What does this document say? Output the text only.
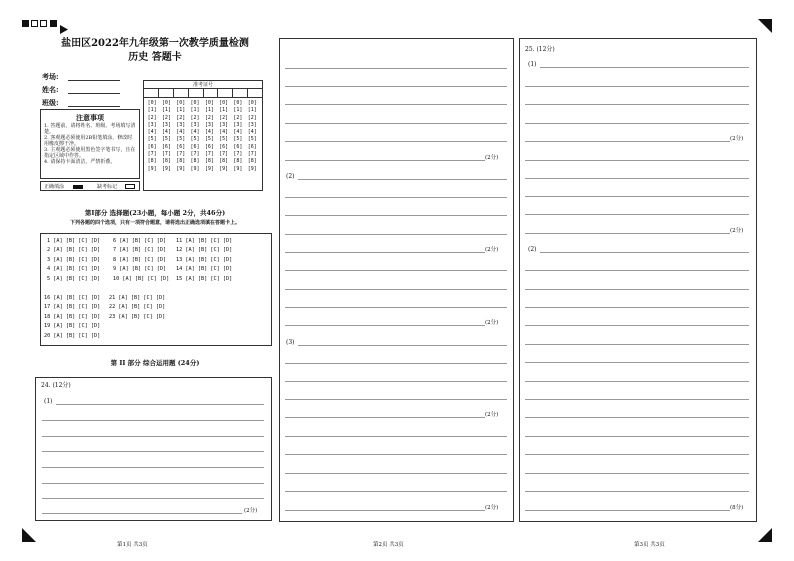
盐田区2022年九年级第一次教学质量检测
历史 答题卡
考场:
姓名:
班级:
注意事项
1. 答题前，请将姓名、班级、考场填写清楚。
2. 客观题必须使用2B铅笔填涂，修改时用橡皮擦干净。
3. 主观题必须使用黑色签字笔书写，且在指定区域中作答。
4. 请保持卡面清洁，严禁折叠。
正确填涂	缺考标记
准考证号
[0]
[1]
[2]
[3]
[4]
[5]
[6]
[7]
[8]
[9]
[0]
[1]
[2]
[3]
[4]
[5]
[6]
[7]
[8]
[9]
[0]
[1]
[2]
[3]
[4]
[5]
[6]
[7]
[8]
[9]
[0]
[1]
[2]
[3]
[4]
[5]
[6]
[7]
[8]
[9]
[0]
[1]
[2]
[3]
[4]
[5]
[6]
[7]
[8]
[9]
[0]
[1]
[2]
[3]
[4]
[5]
[6]
[7]
[8]
[9]
[0]
[1]
[2]
[3]
[4]
[5]
[6]
[7]
[8]
[9]
[0]
[1]
[2]
[3]
[4]
[5]
[6]
[7]
[8]
[9]
第I部分 选择题(23小题，每小题 2分，共46分)
下列各题的四个选项，只有一项符合题意，请将选出正确选项填在答题卡上。
1 [A] [B] [C] [D]
2 [A] [B] [C] [D]
3 [A] [B] [C] [D]
4 [A] [B] [C] [D]
5 [A] [B] [C] [D]
6 [A] [B] [C] [D]
7 [A] [B] [C] [D]
8 [A] [B] [C] [D]
9 [A] [B] [C] [D]
10 [A] [B] [C] [D]
11 [A] [B] [C] [D]
12 [A] [B] [C] [D]
13 [A] [B] [C] [D]
14 [A] [B] [C] [D]
15 [A] [B] [C] [D]
16 [A] [B] [C] [D]
17 [A] [B] [C] [D]
18 [A] [B] [C] [D]
19 [A] [B] [C] [D]
20 [A] [B] [C] [D]
21 [A] [B] [C] [D]
22 [A] [B] [C] [D]
23 [A] [B] [C] [D]
第 II 部分 综合运用题 (24分)
24. (12分)
(1)
(2分)
第1页 共3页
(2分)
(2)
(2分)
(2分)
(3)
(2分)
(2分)
第2页 共3页
25. (12分)
(1)
(2分)
(2分)
(2)
(8分)
第3页 共3页
